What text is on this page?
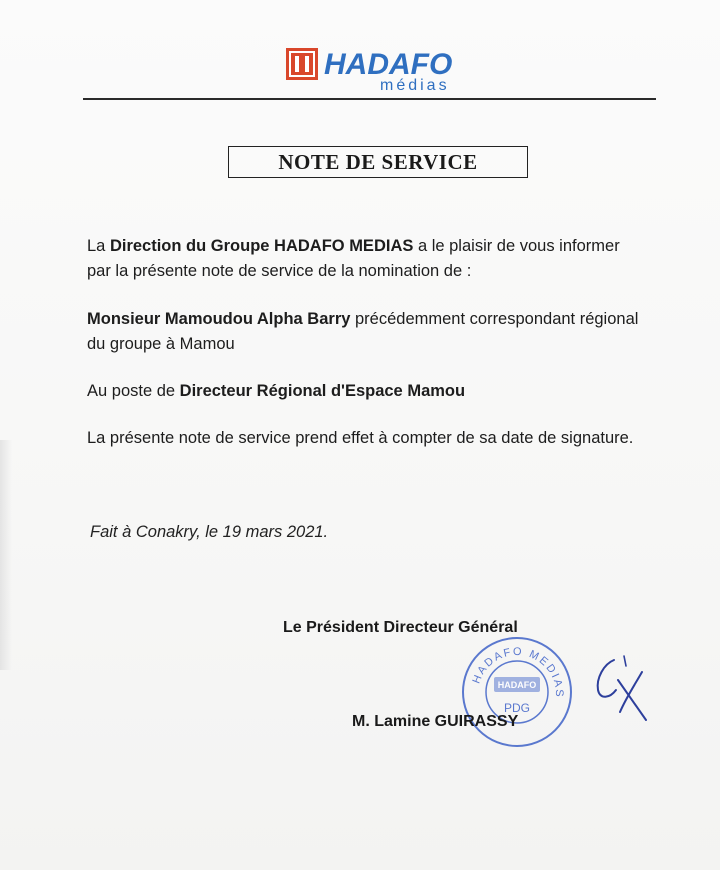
HADAFO
médias
NOTE DE SERVICE
La Direction du Groupe HADAFO MEDIAS a le plaisir de vous informer par la présente note de service de la nomination de :
Monsieur Mamoudou Alpha Barry précédemment correspondant régional du groupe à Mamou
Au poste de Directeur Régional d'Espace Mamou
La présente note de service prend effet à compter de sa date de signature.
Fait à Conakry, le 19 mars 2021.
Le Président Directeur Général
HADAFO MEDIAS
HADAFO
PDG
M. Lamine GUIRASSY
